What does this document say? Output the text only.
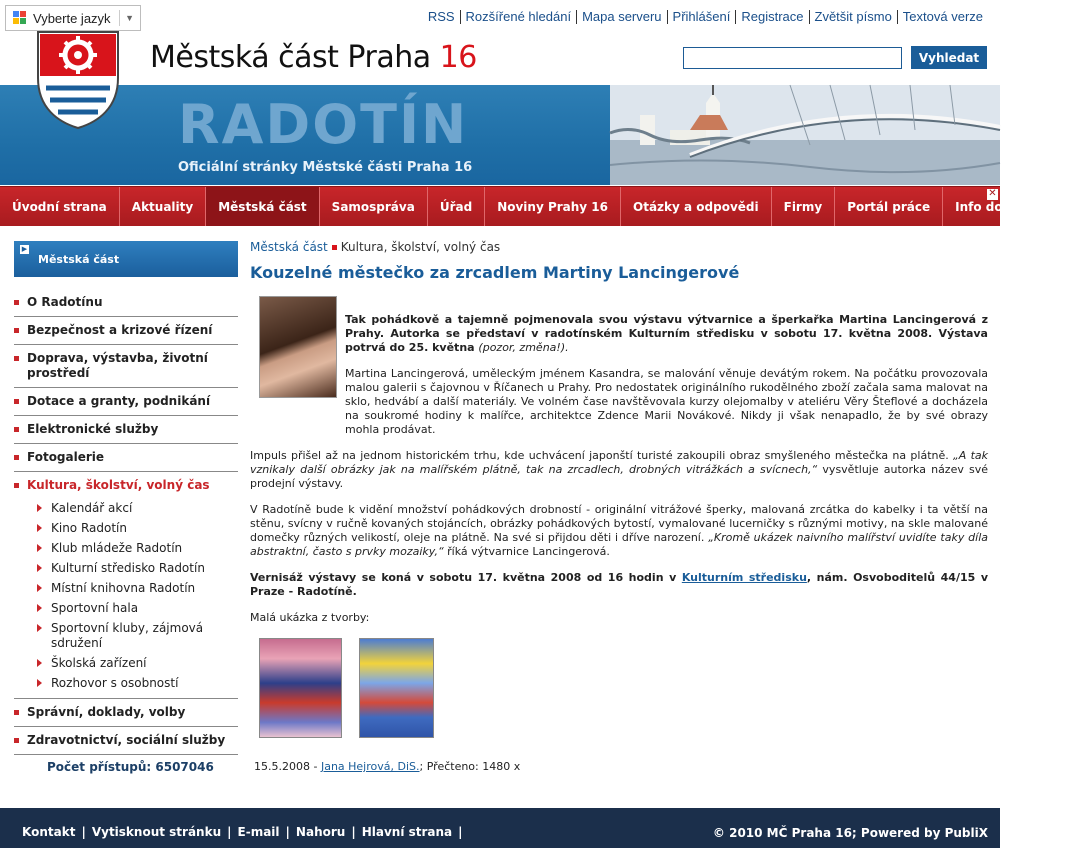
Vyberte jazyk	▼	RSS Rozšířené hledání Mapa serveru Přihlášení Registrace Zvětšit písmo Textová verze
Městská část Praha 16	Vyhledat
RADOTÍN
Oficiální stránky Městské části Praha 16
Úvodní strana	Aktuality	Městská část	Samospráva	Úřad	Noviny Prahy 16	Otázky a odpovědi	Firmy	Portál práce	Info do e-mailu
✕
▶
Městská část
O Radotínu
Bezpečnost a krizové řízení
Doprava, výstavba, životní prostředí
Dotace a granty, podnikání
Elektronické služby
Fotogalerie
Kultura, školství, volný čas
Kalendář akcí
Kino Radotín
Klub mládeže Radotín
Kulturní středisko Radotín
Místní knihovna Radotín
Sportovní hala
Sportovní kluby, zájmová sdružení
Školská zařízení
Rozhovor s osobností
Správní, doklady, volby
Zdravotnictví, sociální služby
Počet přístupů: 6507046
Městská část Kultura, školství, volný čas
Kouzelné městečko za zrcadlem Martiny Lancingerové

Tak pohádkově a tajemně pojmenovala svou výstavu výtvarnice a šperkařka Martina Lancingerová z Prahy. Autorka se představí v radotínském Kulturním středisku v sobotu 17. května 2008. Výstava potrvá do 25. května (pozor, změna!).

Martina Lancingerová, uměleckým jménem Kasandra, se malování věnuje devátým rokem. Na počátku provozovala malou galerii s čajovnou v Říčanech u Prahy. Pro nedostatek originálního rukodělného zboží začala sama malovat na sklo, hedvábí a další materiály. Ve volném čase navštěvovala kurzy olejomalby v ateliéru Věry Šteflové a docházela na soukromé hodiny k malířce, architektce Zdence Marii Novákové. Nikdy ji však nenapadlo, že by své obrazy mohla prodávat.

Impuls přišel až na jednom historickém trhu, kde uchvácení japonští turisté zakoupili obraz smyšleného městečka na plátně. „A tak vznikaly další obrázky jak na malířském plátně, tak na zrcadlech, drobných vitrážkách a svícnech,“ vysvětluje autorka název své prodejní výstavy.

V Radotíně bude k vidění množství pohádkových drobností - originální vitrážové šperky, malovaná zrcátka do kabelky i ta větší na stěnu, svícny v ručně kovaných stojáncích, obrázky pohádkových bytostí, vymalované lucerničky s různými motivy, na skle malované domečky různých velikostí, oleje na plátně. Na své si přijdou děti i dříve narození. „Kromě ukázek naivního malířství uvidíte taky díla abstraktní, často s prvky mozaiky,“ říká výtvarnice Lancingerová.

Vernisáž výstavy se koná v sobotu 17. května 2008 od 16 hodin v Kulturním středisku, nám. Osvoboditelů 44/15 v Praze - Radotíně.

Malá ukázka z tvorby:

15.5.2008 - Jana Hejrová, DiS.; Přečteno: 1480 x
Kontakt | Vytisknout stránku | E-mail | Nahoru | Hlavní strana |	© 2010 MČ Praha 16; Powered by PubliX
